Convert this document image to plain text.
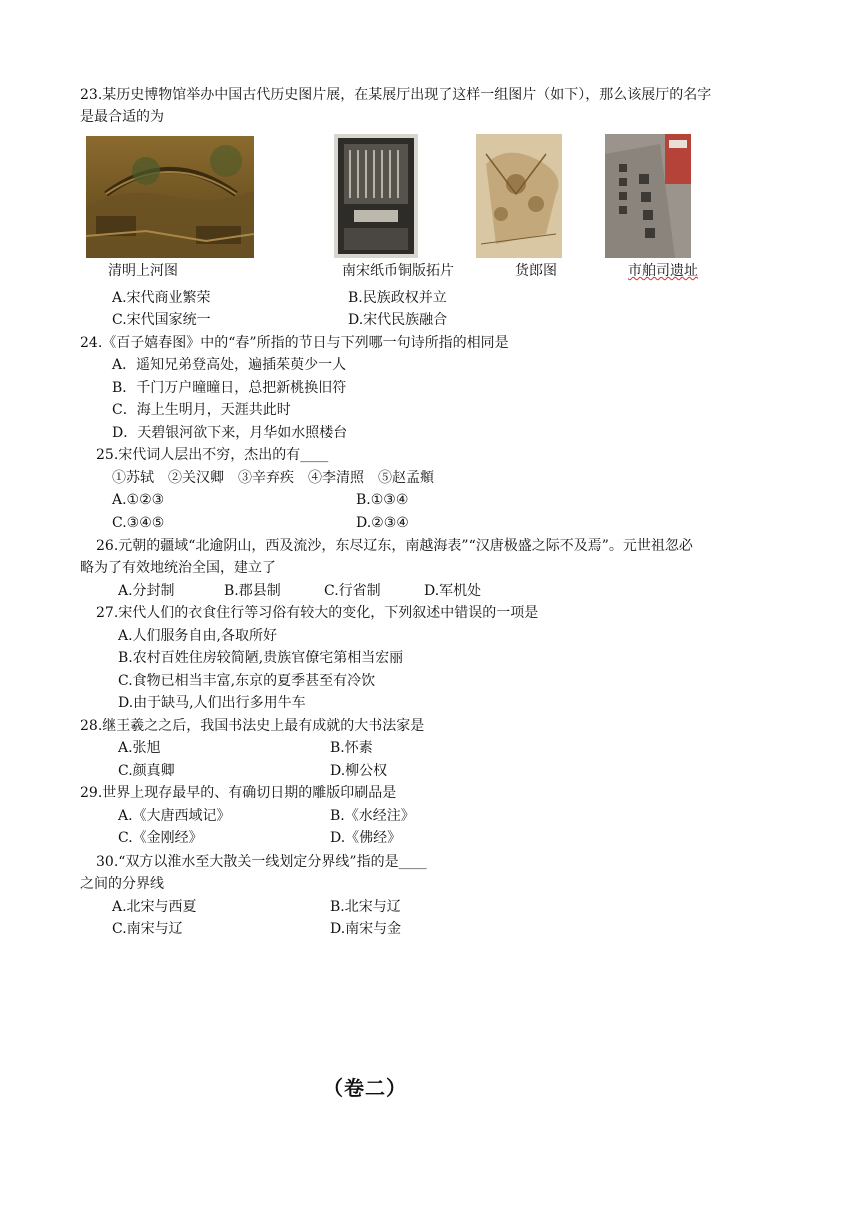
23.某历史博物馆举办中国古代历史图片展，在某展厅出现了这样一组图片（如下），那么该展厅的名字
是最合适的为
清明上河图	南宋纸币铜版拓片	货郎图	市舶司遗址
A.宋代商业繁荣	B.民族政权并立
C.宋代国家统一	D.宋代民族融合
24.《百子嬉春图》中的“春”所指的节日与下列哪一句诗所指的相同是
A．遥知兄弟登高处，遍插茱萸少一人
B．千门万户曈曈日，总把新桃换旧符
C．海上生明月，天涯共此时
D．天碧银河欲下来，月华如水照楼台
25.宋代词人层出不穷，杰出的有____
①苏轼　②关汉卿　③辛弃疾　④李清照　⑤赵孟頫
A.①②③	B.①③④
C.③④⑤	D.②③④
26.元朝的疆域“北逾阴山，西及流沙，东尽辽东，南越海表”“汉唐极盛之际不及焉”。元世祖忽必
略为了有效地统治全国，建立了
A.分封制	B.郡县制	C.行省制	D.军机处
27.宋代人们的衣食住行等习俗有较大的变化，下列叙述中错误的一项是
A.人们服务自由,各取所好
B.农村百姓住房较简陋,贵族官僚宅第相当宏丽
C.食物已相当丰富,东京的夏季甚至有冷饮
D.由于缺马,人们出行多用牛车
28.继王羲之之后，我国书法史上最有成就的大书法家是
A.张旭	B.怀素
C.颜真卿	D.柳公权
29.世界上现存最早的、有确切日期的雕版印刷品是
A.《大唐西域记》	B.《水经注》
C.《金刚经》	D.《佛经》
30.“双方以淮水至大散关一线划定分界线”指的是____
之间的分界线
A.北宋与西夏	B.北宋与辽
C.南宋与辽	D.南宋与金
（卷二）
